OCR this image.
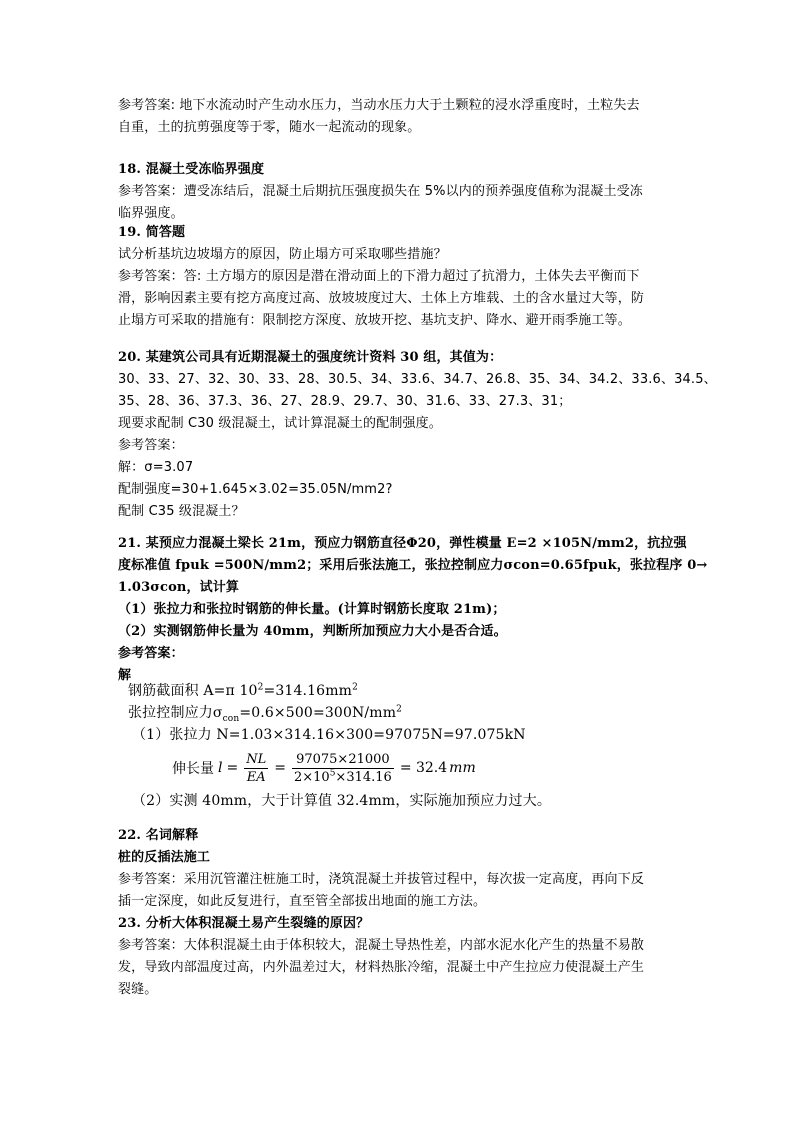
参考答案: 地下水流动时产生动水压力，当动水压力大于土颗粒的浸水浮重度时，土粒失去
自重，土的抗剪强度等于零，随水一起流动的现象。
18. 混凝土受冻临界强度
参考答案：遭受冻结后，混凝土后期抗压强度损失在 5%以内的预养强度值称为混凝土受冻
临界强度。
19. 简答题
试分析基坑边坡塌方的原因，防止塌方可采取哪些措施？
参考答案：答: 土方塌方的原因是潜在滑动面上的下滑力超过了抗滑力，土体失去平衡而下
滑，影响因素主要有挖方高度过高、放坡坡度过大、土体上方堆载、土的含水量过大等，防
止塌方可采取的措施有：限制挖方深度、放坡开挖、基坑支护、降水、避开雨季施工等。
20. 某建筑公司具有近期混凝土的强度统计资料 30 组，其值为：
30、33、27、32、30、33、28、30.5、34、33.6、34.7、26.8、35、34、34.2、33.6、34.5、
35、28、36、37.3、36、27、28.9、29.7、30、31.6、33、27.3、31；
现要求配制 C30 级混凝土，试计算混凝土的配制强度。
参考答案：
解：σ=3.07
配制强度=30+1.645×3.02=35.05N/mm2?
配制 C35 级混凝土？
21. 某预应力混凝土梁长 21m，预应力钢筋直径Φ20，弹性模量 E=2 ×105N/mm2，抗拉强
度标准值 fpuk =500N/mm2；采用后张法施工，张拉控制应力σcon=0.65fpuk，张拉程序 0→
1.03σcon，试计算
（1）张拉力和张拉时钢筋的伸长量。(计算时钢筋长度取 21m)；
（2）实测钢筋伸长量为 40mm，判断所加预应力大小是否合适。
参考答案：
解
钢筋截面积 A=π $10^2=314.16mm^2$
张拉控制应力$\sigma_{con}=0.6\times 500=300N/mm^2$
（1）张拉力 N=1.03×314.16×300=97075N=97.075kN
伸长量 $l = \frac{NL}{EA} = \frac{97075\times 21000}{2\times 10^5\times 314.16} = 32.4$ mm
（2）实测 40mm，大于计算值 32.4mm，实际施加预应力过大。
22. 名词解释
桩的反插法施工
参考答案：采用沉管灌注桩施工时，浇筑混凝土并拔管过程中，每次拔一定高度，再向下反
插一定深度，如此反复进行，直至管全部拔出地面的施工方法。
23. 分析大体积混凝土易产生裂缝的原因？
参考答案：大体积混凝土由于体积较大，混凝土导热性差，内部水泥水化产生的热量不易散
发，导致内部温度过高，内外温差过大，材料热胀冷缩，混凝土中产生拉应力使混凝土产生
裂缝。
